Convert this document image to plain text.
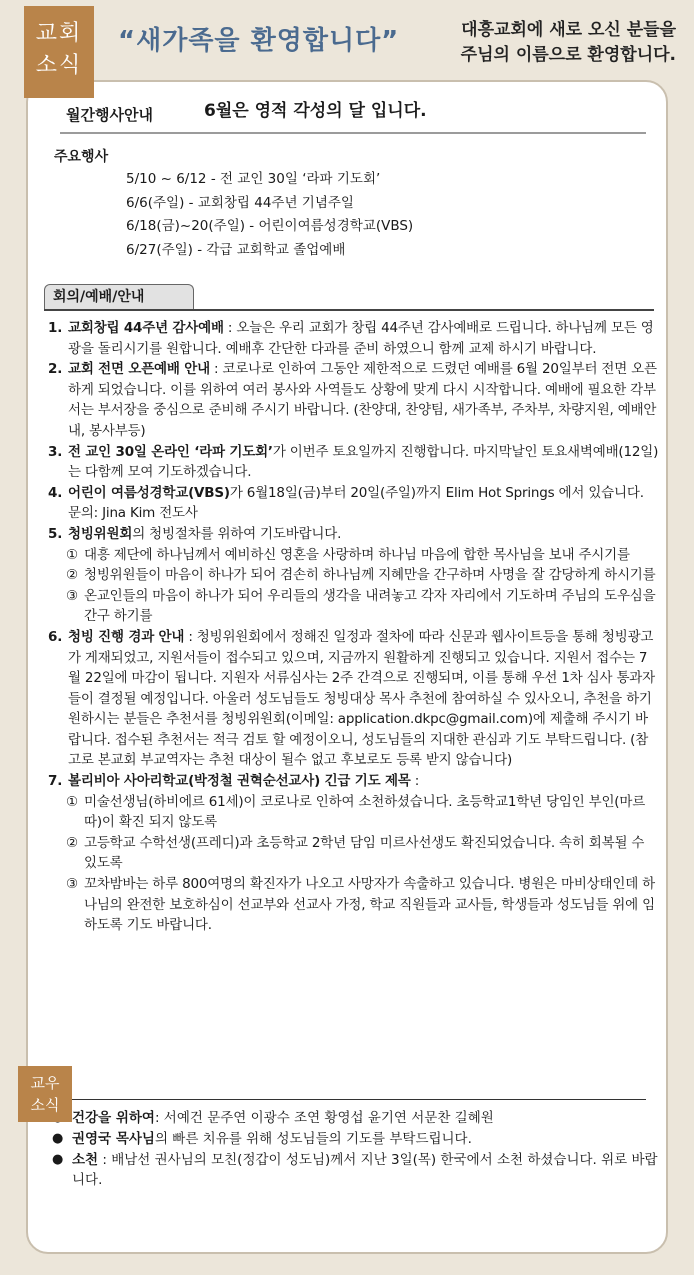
교회
소식
“새가족을 환영합니다”	대흥교회에 새로 오신 분들을
주님의 이름으로 환영합니다.
월간행사안내	6월은 영적 각성의 달 입니다.
주요행사
5/10 ~ 6/12 - 전 교인 30일 ‘라파 기도회’
6/6(주일) - 교회창립 44주년 기념주일
6/18(금)~20(주일) - 어린이여름성경학교(VBS)
6/27(주일) - 각급 교회학교 졸업예배
회의/예배/안내
1. 교회창립 44주년 감사예배 : 오늘은 우리 교회가 창립 44주년 감사예배로 드립니다. 하나님께 모든 영광을 돌리시기를 원합니다. 예배후 간단한 다과를 준비 하였으니 함께 교제 하시기 바랍니다.
2. 교회 전면 오픈예배 안내 : 코로나로 인하여 그동안 제한적으로 드렸던 예배를 6월 20일부터 전면 오픈하게 되었습니다. 이를 위하여 여러 봉사와 사역들도 상황에 맞게 다시 시작합니다. 예배에 필요한 각부서는 부서장을 중심으로 준비해 주시기 바랍니다. (찬양대, 찬양팀, 새가족부, 주차부, 차량지원, 예배안내, 봉사부등)
3. 전 교인 30일 온라인 ‘라파 기도회’가 이번주 토요일까지 진행합니다. 마지막날인 토요새벽예배(12일)는 다함께 모여 기도하겠습니다.
4. 어린이 여름성경학교(VBS)가 6월18일(금)부터 20일(주일)까지 Elim Hot Springs 에서 있습니다. 문의: Jina Kim 전도사
5. 청빙위원회의 청빙절차를 위하여 기도바랍니다.
① 대흥 제단에 하나님께서 예비하신 영혼을 사랑하며 하나님 마음에 합한 목사님을 보내 주시기를
② 청빙위원들이 마음이 하나가 되어 겸손히 하나님께 지혜만을 간구하며 사명을 잘 감당하게 하시기를
③ 온교인들의 마음이 하나가 되어 우리들의 생각을 내려놓고 각자 자리에서 기도하며 주님의 도우심을 간구 하기를
6. 청빙 진행 경과 안내 : 청빙위원회에서 정해진 일정과 절차에 따라 신문과 웹사이트등을 통해 청빙광고가 게재되었고, 지원서들이 접수되고 있으며, 지금까지 원활하게 진행되고 있습니다. 지원서 접수는 7월 22일에 마감이 됩니다. 지원자 서류심사는 2주 간격으로 진행되며, 이를 통해 우선 1차 심사 통과자들이 결정될 예정입니다. 아울러 성도님들도 청빙대상 목사 추천에 참여하실 수 있사오니, 추천을 하기 원하시는 분들은 추천서를 청빙위원회(이메일: application.dkpc@gmail.com)에 제출해 주시기 바랍니다. 접수된 추천서는 적극 검토 할 예정이오니, 성도님들의 지대한 관심과 기도 부탁드립니다. (참고로 본교회 부교역자는 추천 대상이 될수 없고 후보로도 등록 받지 않습니다)
7. 볼리비아 사아리학교(박정철 권혁순선교사) 긴급 기도 제목 :
① 미술선생님(하비에르 61세)이 코로나로 인하여 소천하셨습니다. 초등학교1학년 당임인 부인(마르따)이 확진 되지 않도록
② 고등학교 수학선생(프레디)과 초등학교 2학년 담임 미르사선생도 확진되었습니다. 속히 회복될 수 있도록
③ 꼬차밤바는 하루 800여명의 확진자가 나오고 사망자가 속출하고 있습니다. 병원은 마비상태인데 하나님의 완전한 보호하심이 선교부와 선교사 가정, 학교 직원들과 교사들, 학생들과 성도님들 위에 임하도록 기도 바랍니다.
교우
소식
건강을 위하여: 서예건 문주연 이광수 조연 황영섭 윤기연 서문찬 길혜원
● 권영국 목사님의 빠른 치유를 위해 성도님들의 기도를 부탁드립니다.
● 소천 : 배남선 권사님의 모친(정갑이 성도님)께서 지난 3일(목) 한국에서 소천 하셨습니다. 위로 바랍니다.
